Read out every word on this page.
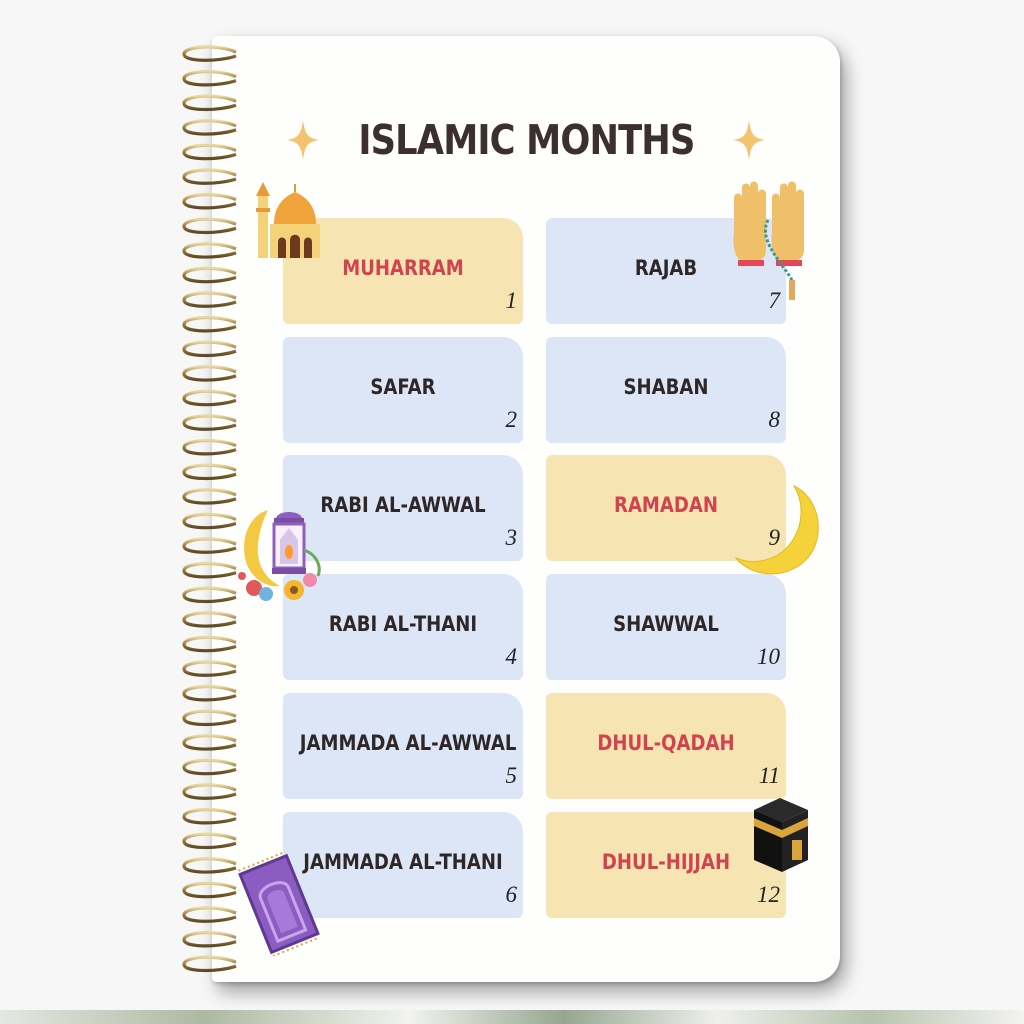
ISLAMIC MONTHS
MUHARRAM
1
SAFAR
2
RABI AL-AWWAL
3
RABI AL-THANI
4
JAMMADA AL-AWWAL
5
JAMMADA AL-THANI
6
RAJAB
7
SHABAN
8
RAMADAN
9
SHAWWAL
10
DHUL-QADAH
11
DHUL-HIJJAH
12
